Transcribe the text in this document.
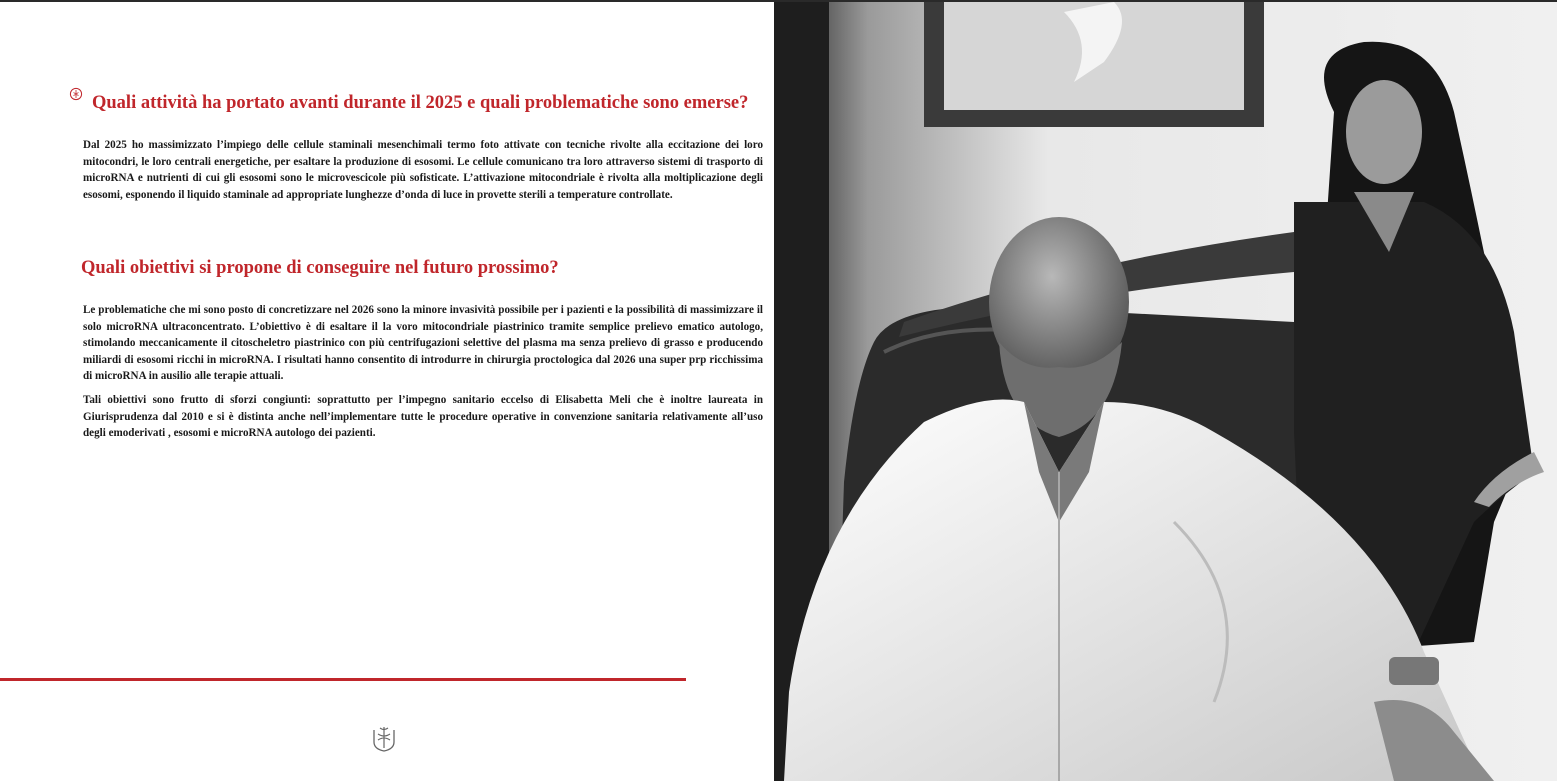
Quali attività ha portato avanti durante il 2025 e quali problematiche sono emerse?

Dal 2025 ho massimizzato l’impiego delle cellule staminali mesenchimali termo foto attivate con tecniche rivolte alla eccitazione dei loro mitocondri, le loro centrali energetiche, per esaltare la produzione di esosomi. Le cellule comunicano tra loro attraverso sistemi di trasporto di microRNA e nutrienti di cui gli esosomi sono le microvescicole più sofisticate. L’attivazione mitocondriale è rivolta alla moltiplicazione degli esosomi, esponendo il liquido staminale ad appropriate lunghezze d’onda di luce in provette sterili a temperature controllate.

Quali obiettivi si propone di conseguire nel futuro prossimo?

Le problematiche che mi sono posto di concretizzare nel 2026 sono la minore invasività possibile per i pazienti e la possibilità di massimizzare il solo microRNA ultraconcentrato. L’obiettivo è di esaltare il la voro mitocondriale piastrinico tramite semplice prelievo ematico autologo, stimolando meccanicamente il citoscheletro piastrinico con più centrifugazioni selettive del plasma ma senza prelievo di grasso e producendo miliardi di esosomi ricchi in microRNA. I risultati hanno consentito di introdurre in chirurgia proctologica dal 2026 una super prp ricchissima di microRNA in ausilio alle terapie attuali.

Tali obiettivi sono frutto di sforzi congiunti: soprattutto per l’impegno sanitario eccelso di Elisabetta Meli che è inoltre laureata in Giurisprudenza dal 2010 e si è distinta anche nell’implementare tutte le procedure operative in convenzione sanitaria relativamente all’uso degli emoderivati , esosomi e microRNA autologo dei pazienti.
